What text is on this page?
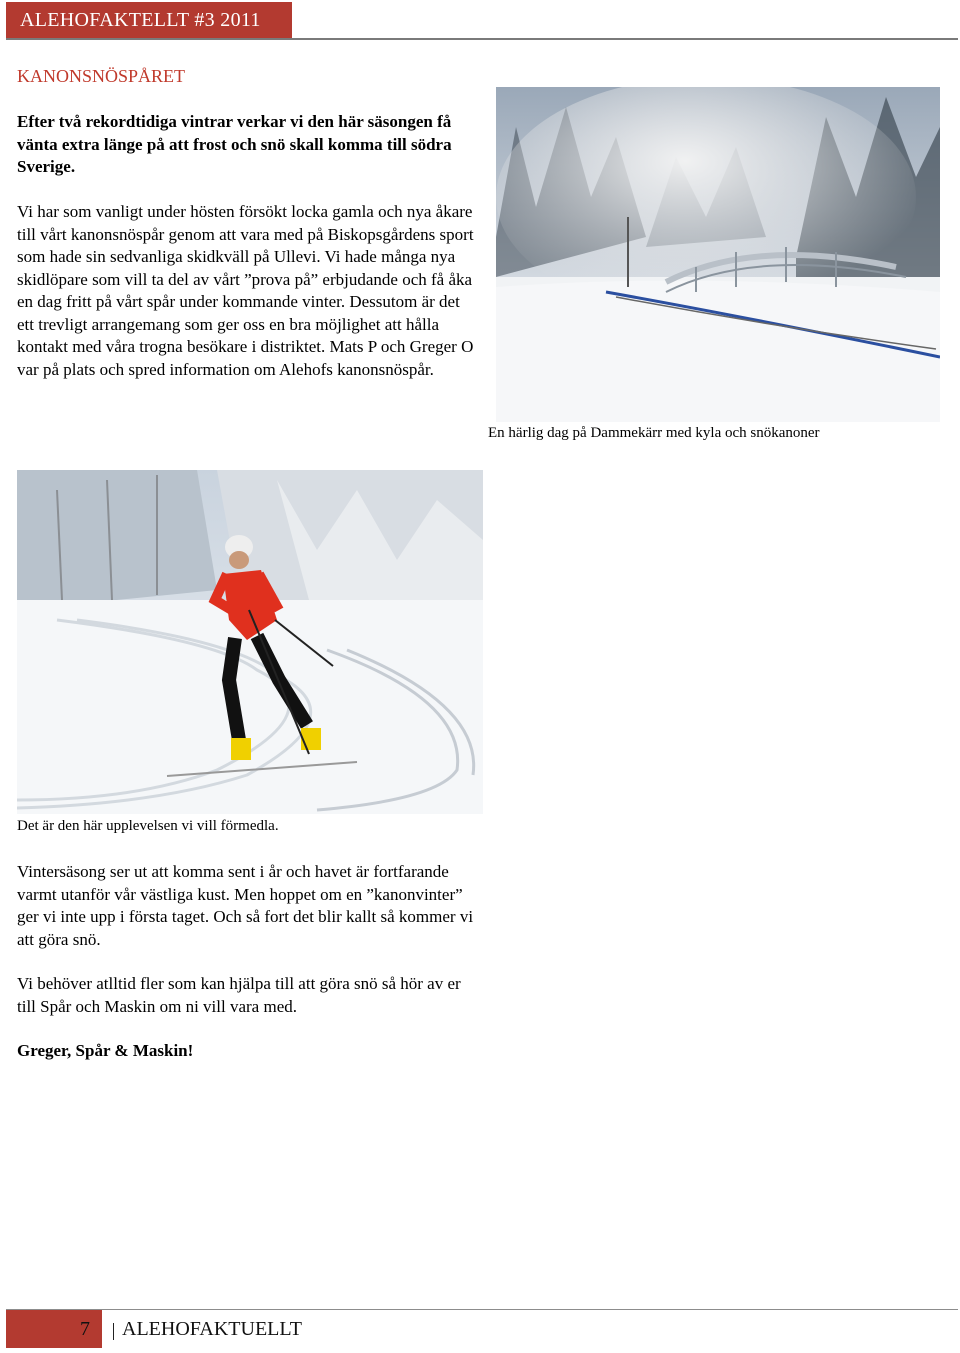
ALEHOFAKTELLT #3 2011
KANONSNÖSPÅRET

Efter två rekordtidiga vintrar verkar vi den här säsongen få vänta extra länge på att frost och snö skall komma till södra Sverige.

Vi har som vanligt under hösten försökt locka gamla och nya åkare till vårt kanonsnöspår genom att vara med på Biskopsgårdens sport som hade sin sedvanliga skidkväll på Ullevi. Vi hade många nya skidlöpare som vill ta del av vårt ”prova på” erbjudande och få åka en dag fritt på vårt spår under kommande vinter. Dessutom är det ett trevligt arrangemang som ger oss en bra möjlighet att hålla kontakt med våra trogna besökare i distriktet. Mats P och Greger O var på plats och spred information om Alehofs kanonsnöspår.

En härlig dag på Dammekärr med kyla och snökanoner

Det är den här upplevelsen vi vill förmedla.

Vintersäsong ser ut att komma sent i år och havet är fortfarande varmt utanför vår västliga kust. Men hoppet om en ”kanonvinter” ger vi inte upp i första taget. Och så fort det blir kallt så kommer vi att göra snö.

Vi behöver atlltid fler som kan hjälpa till att göra snö så hör av er till Spår och Maskin om ni vill vara med.

Greger, Spår & Maskin!

7 ALEHOFAKTUELLT
